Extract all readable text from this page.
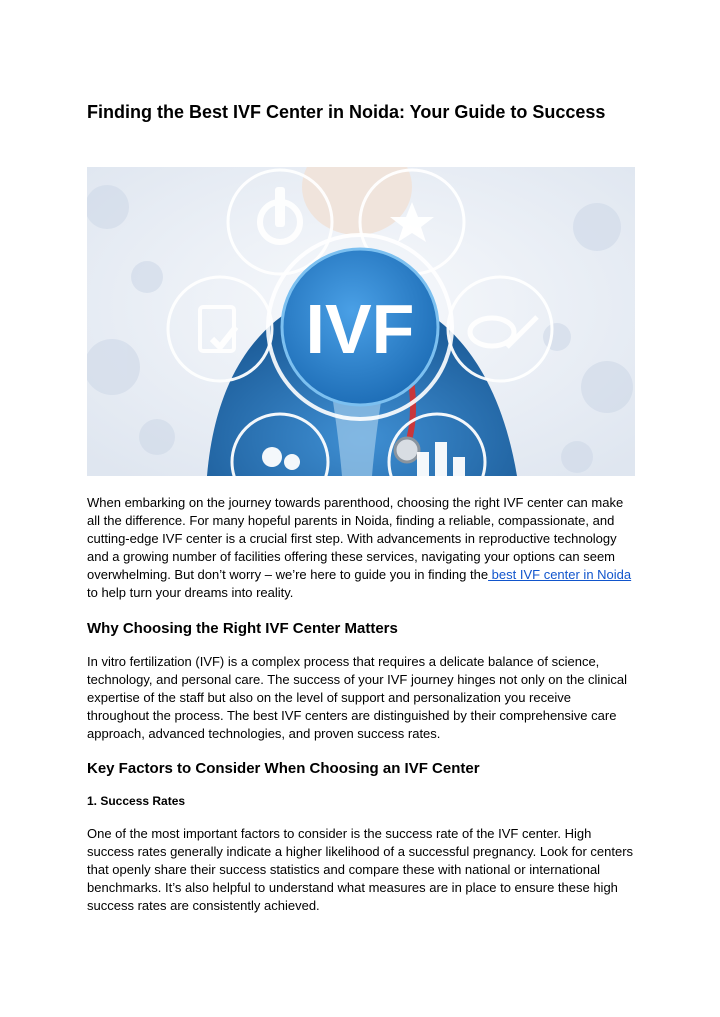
Finding the Best IVF Center in Noida: Your Guide to Success
IVF

When embarking on the journey towards parenthood, choosing the right IVF center can make all the difference. For many hopeful parents in Noida, finding a reliable, compassionate, and cutting-edge IVF center is a crucial first step. With advancements in reproductive technology and a growing number of facilities offering these services, navigating your options can seem overwhelming. But don’t worry – we’re here to guide you in finding the best IVF center in Noida to help turn your dreams into reality.

Why Choosing the Right IVF Center Matters

In vitro fertilization (IVF) is a complex process that requires a delicate balance of science, technology, and personal care. The success of your IVF journey hinges not only on the clinical expertise of the staff but also on the level of support and personalization you receive throughout the process. The best IVF centers are distinguished by their comprehensive care approach, advanced technologies, and proven success rates.

Key Factors to Consider When Choosing an IVF Center
1. Success Rates

One of the most important factors to consider is the success rate of the IVF center. High success rates generally indicate a higher likelihood of a successful pregnancy. Look for centers that openly share their success statistics and compare these with national or international benchmarks. It’s also helpful to understand what measures are in place to ensure these high success rates are consistently achieved.
